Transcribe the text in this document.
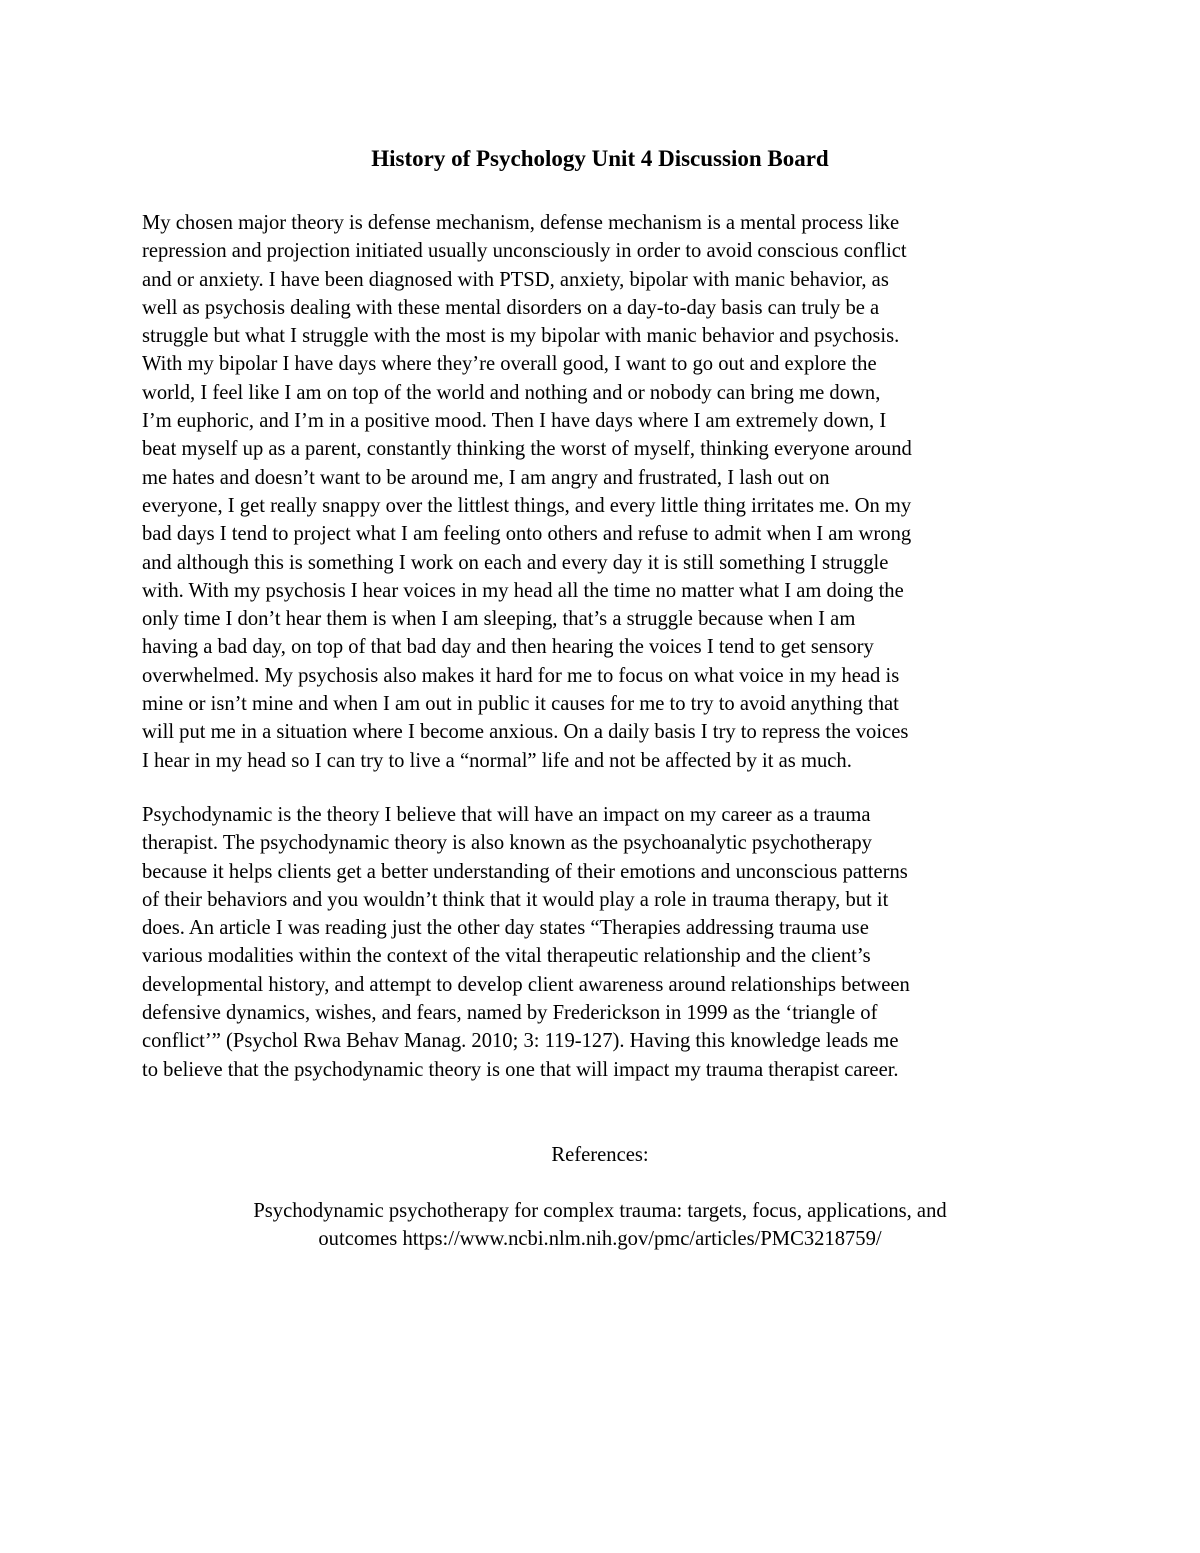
History of Psychology Unit 4 Discussion Board
My chosen major theory is defense mechanism, defense mechanism is a mental process like
repression and projection initiated usually unconsciously in order to avoid conscious conflict
and or anxiety. I have been diagnosed with PTSD, anxiety, bipolar with manic behavior, as
well as psychosis dealing with these mental disorders on a day-to-day basis can truly be a
struggle but what I struggle with the most is my bipolar with manic behavior and psychosis.
With my bipolar I have days where they’re overall good, I want to go out and explore the
world, I feel like I am on top of the world and nothing and or nobody can bring me down,
I’m euphoric, and I’m in a positive mood. Then I have days where I am extremely down, I
beat myself up as a parent, constantly thinking the worst of myself, thinking everyone around
me hates and doesn’t want to be around me, I am angry and frustrated, I lash out on
everyone, I get really snappy over the littlest things, and every little thing irritates me. On my
bad days I tend to project what I am feeling onto others and refuse to admit when I am wrong
and although this is something I work on each and every day it is still something I struggle
with. With my psychosis I hear voices in my head all the time no matter what I am doing the
only time I don’t hear them is when I am sleeping, that’s a struggle because when I am
having a bad day, on top of that bad day and then hearing the voices I tend to get sensory
overwhelmed. My psychosis also makes it hard for me to focus on what voice in my head is
mine or isn’t mine and when I am out in public it causes for me to try to avoid anything that
will put me in a situation where I become anxious. On a daily basis I try to repress the voices
I hear in my head so I can try to live a “normal” life and not be affected by it as much.
Psychodynamic is the theory I believe that will have an impact on my career as a trauma
therapist. The psychodynamic theory is also known as the psychoanalytic psychotherapy
because it helps clients get a better understanding of their emotions and unconscious patterns
of their behaviors and you wouldn’t think that it would play a role in trauma therapy, but it
does. An article I was reading just the other day states “Therapies addressing trauma use
various modalities within the context of the vital therapeutic relationship and the client’s
developmental history, and attempt to develop client awareness around relationships between
defensive dynamics, wishes, and fears, named by Frederickson in 1999 as the ‘triangle of
conflict’” (Psychol Rwa Behav Manag. 2010; 3: 119-127). Having this knowledge leads me
to believe that the psychodynamic theory is one that will impact my trauma therapist career.

References:

Psychodynamic psychotherapy for complex trauma: targets, focus, applications, and
outcomes https://www.ncbi.nlm.nih.gov/pmc/articles/PMC3218759/
